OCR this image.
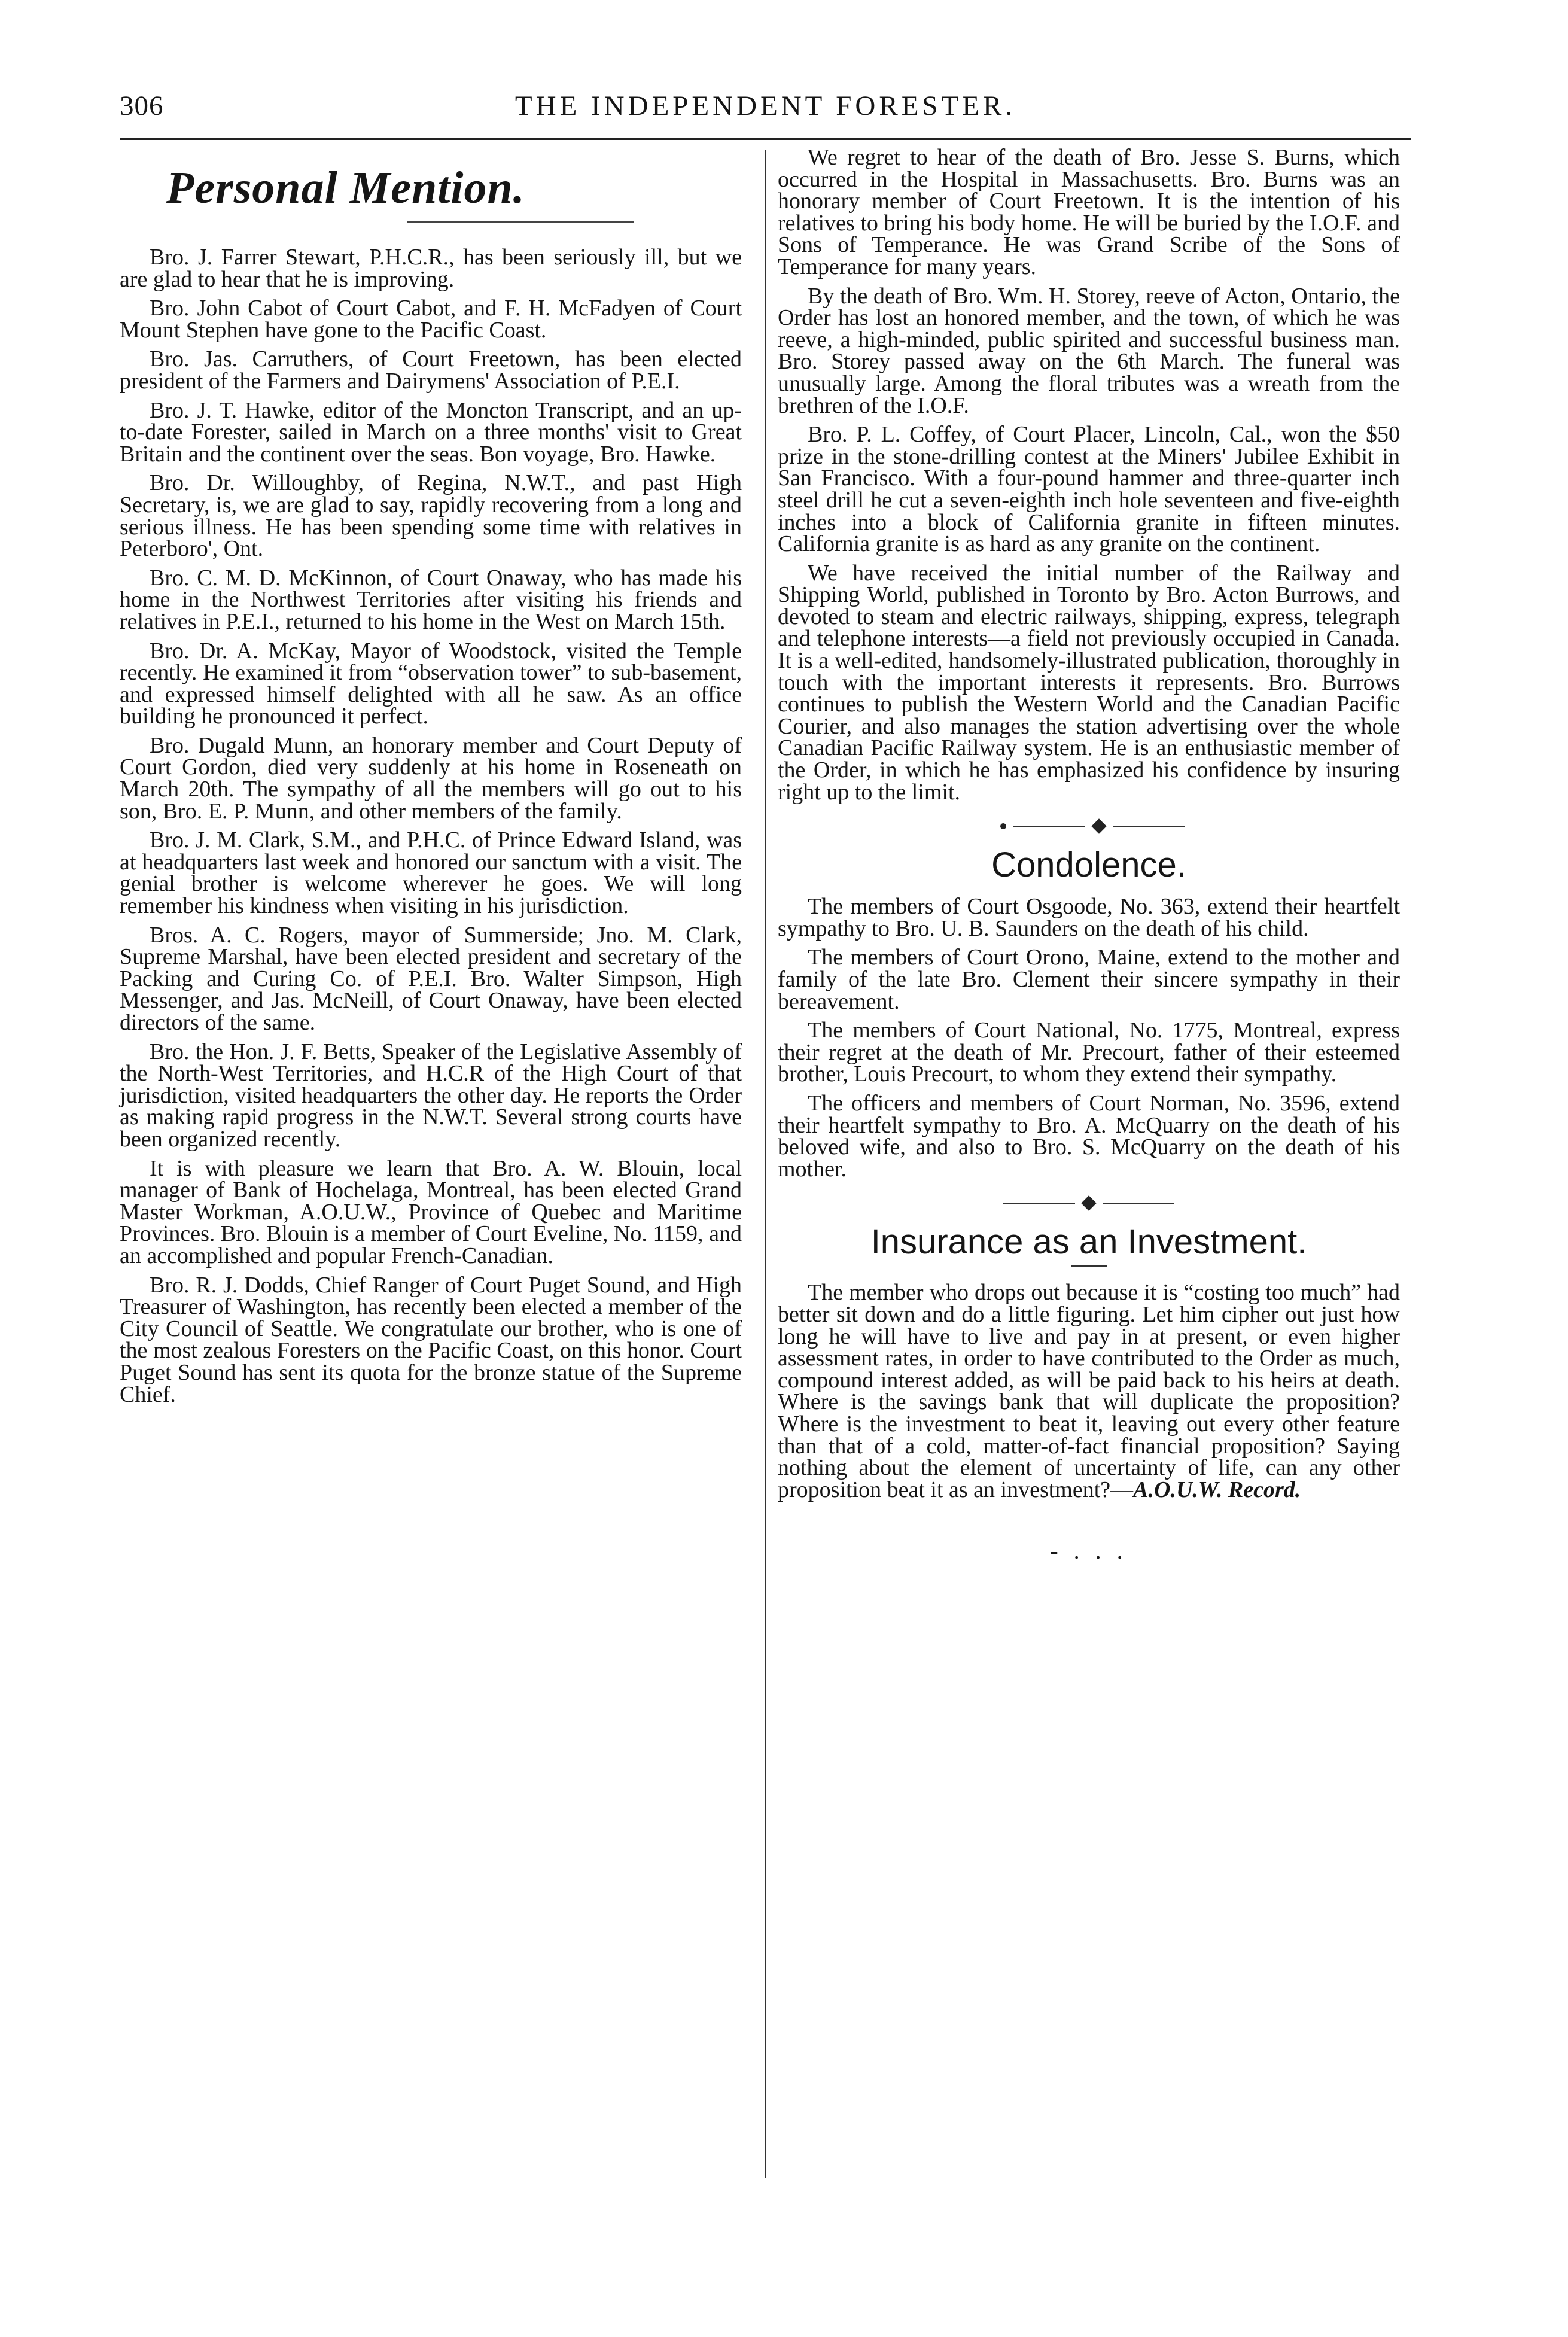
306	THE INDEPENDENT FORESTER.
Personal Mention.

Bro. J. Farrer Stewart, P.H.C.R., has been seriously ill, but we are glad to hear that he is improving.

Bro. John Cabot of Court Cabot, and F. H. McFadyen of Court Mount Stephen have gone to the Pacific Coast.

Bro. Jas. Carruthers, of Court Freetown, has been elected president of the Farmers and Dairymens' Association of P.E.I.

Bro. J. T. Hawke, editor of the Moncton Transcript, and an up-to-date Forester, sailed in March on a three months' visit to Great Britain and the continent over the seas. Bon voyage, Bro. Hawke.

Bro. Dr. Willoughby, of Regina, N.W.T., and past High Secretary, is, we are glad to say, rapidly recovering from a long and serious illness. He has been spending some time with relatives in Peterboro', Ont.

Bro. C. M. D. McKinnon, of Court Onaway, who has made his home in the Northwest Territories after visiting his friends and relatives in P.E.I., returned to his home in the West on March 15th.

Bro. Dr. A. McKay, Mayor of Woodstock, visited the Temple recently. He examined it from “observation tower” to sub-basement, and expressed himself delighted with all he saw. As an office building he pronounced it perfect.

Bro. Dugald Munn, an honorary member and Court Deputy of Court Gordon, died very suddenly at his home in Roseneath on March 20th. The sympathy of all the members will go out to his son, Bro. E. P. Munn, and other members of the family.

Bro. J. M. Clark, S.M., and P.H.C. of Prince Edward Island, was at headquarters last week and honored our sanctum with a visit. The genial brother is welcome wherever he goes. We will long remember his kindness when visiting in his jurisdiction.

Bros. A. C. Rogers, mayor of Summerside; Jno. M. Clark, Supreme Marshal, have been elected president and secretary of the Packing and Curing Co. of P.E.I. Bro. Walter Simpson, High Messenger, and Jas. McNeill, of Court Onaway, have been elected directors of the same.

Bro. the Hon. J. F. Betts, Speaker of the Legislative Assembly of the North-West Territories, and H.C.R of the High Court of that jurisdiction, visited headquarters the other day. He reports the Order as making rapid progress in the N.W.T. Several strong courts have been organized recently.

It is with pleasure we learn that Bro. A. W. Blouin, local manager of Bank of Hochelaga, Montreal, has been elected Grand Master Workman, A.O.U.W., Province of Quebec and Maritime Provinces. Bro. Blouin is a member of Court Eveline, No. 1159, and an accomplished and popular French-Canadian.

Bro. R. J. Dodds, Chief Ranger of Court Puget Sound, and High Treasurer of Washington, has recently been elected a member of the City Council of Seattle. We congratulate our brother, who is one of the most zealous Foresters on the Pacific Coast, on this honor. Court Puget Sound has sent its quota for the bronze statue of the Supreme Chief.

We regret to hear of the death of Bro. Jesse S. Burns, which occurred in the Hospital in Massachusetts. Bro. Burns was an honorary member of Court Freetown. It is the intention of his relatives to bring his body home. He will be buried by the I.O.F. and Sons of Temperance. He was Grand Scribe of the Sons of Temperance for many years.

By the death of Bro. Wm. H. Storey, reeve of Acton, Ontario, the Order has lost an honored member, and the town, of which he was reeve, a high-minded, public spirited and successful business man. Bro. Storey passed away on the 6th March. The funeral was unusually large. Among the floral tributes was a wreath from the brethren of the I.O.F.

Bro. P. L. Coffey, of Court Placer, Lincoln, Cal., won the $50 prize in the stone-drilling contest at the Miners' Jubilee Exhibit in San Francisco. With a four-pound hammer and three-quarter inch steel drill he cut a seven-eighth inch hole seventeen and five-eighth inches into a block of California granite in fifteen minutes. California granite is as hard as any granite on the continent.

We have received the initial number of the Railway and Shipping World, published in Toronto by Bro. Acton Burrows, and devoted to steam and electric railways, shipping, express, telegraph and telephone interests—a field not previously occupied in Canada. It is a well-edited, handsomely-illustrated publication, thoroughly in touch with the important interests it represents. Bro. Burrows continues to publish the Western World and the Canadian Pacific Courier, and also manages the station advertising over the whole Canadian Pacific Railway system. He is an enthusiastic member of the Order, in which he has emphasized his confidence by insuring right up to the limit.

Condolence.

The members of Court Osgoode, No. 363, extend their heartfelt sympathy to Bro. U. B. Saunders on the death of his child.

The members of Court Orono, Maine, extend to the mother and family of the late Bro. Clement their sincere sympathy in their bereavement.

The members of Court National, No. 1775, Montreal, express their regret at the death of Mr. Precourt, father of their esteemed brother, Louis Precourt, to whom they extend their sympathy.

The officers and members of Court Norman, No. 3596, extend their heartfelt sympathy to Bro. A. McQuarry on the death of his beloved wife, and also to Bro. S. McQuarry on the death of his mother.

Insurance as an Investment.

The member who drops out because it is “costing too much” had better sit down and do a little figuring. Let him cipher out just how long he will have to live and pay in at present, or even higher assessment rates, in order to have contributed to the Order as much, compound interest added, as will be paid back to his heirs at death. Where is the savings bank that will duplicate the proposition? Where is the investment to beat it, leaving out every other feature than that of a cold, matter-of-fact financial proposition? Saying nothing about the element of uncertainty of life, can any other proposition beat it as an investment?—A.O.U.W. Record.

- . . .
